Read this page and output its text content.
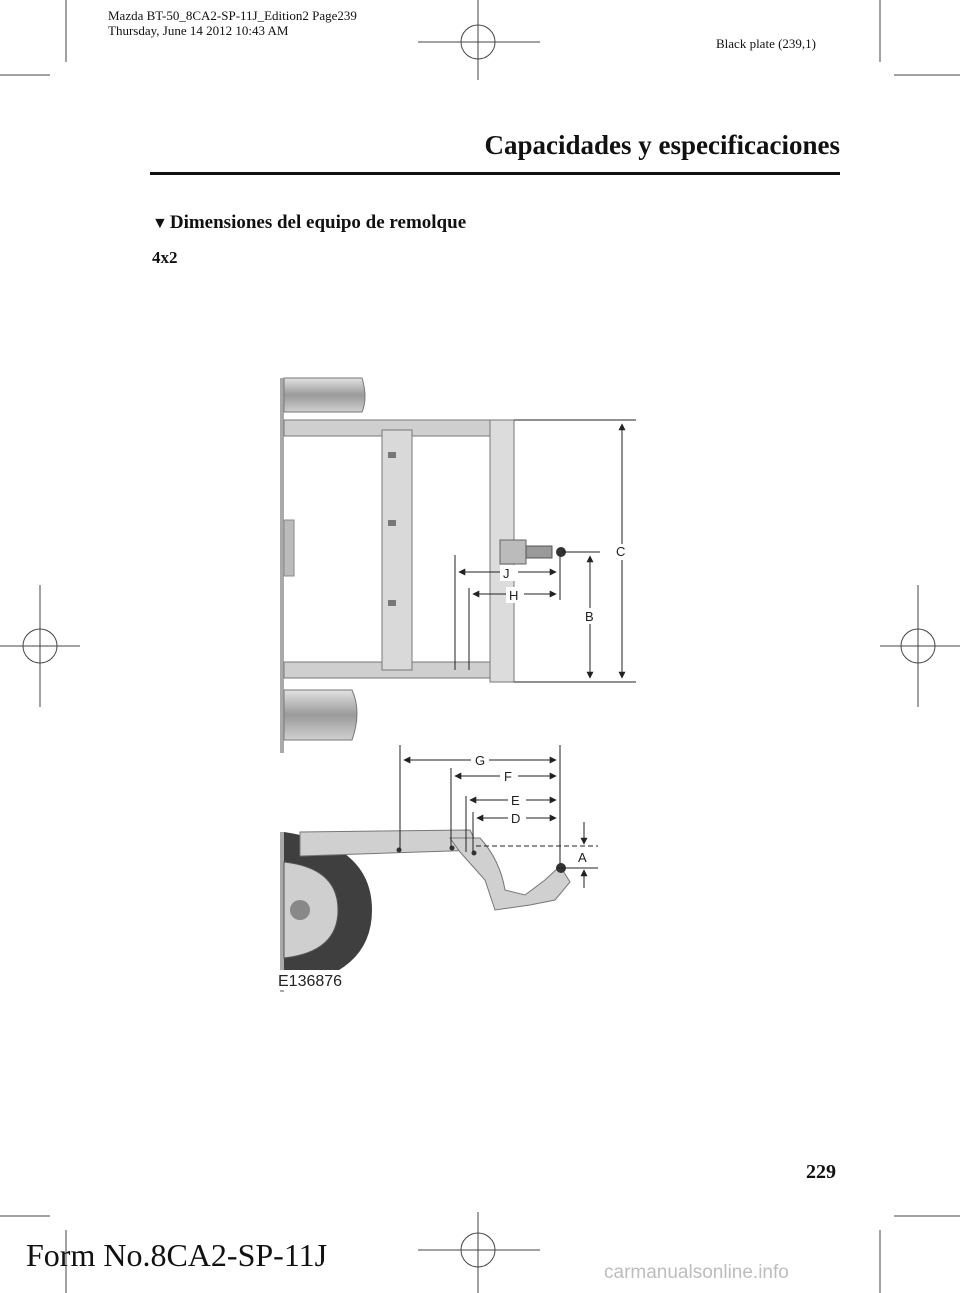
Mazda BT-50_8CA2-SP-11J_Edition2 Page239
Thursday, June 14 2012 10:43 AM
Black plate (239,1)
Capacidades y especificaciones
▼ Dimensiones del equipo de remolque
4x2
C
B
J
H
G
F
E
D
A
E136876
229
Form No.8CA2-SP-11J	carmanualsonline.info
